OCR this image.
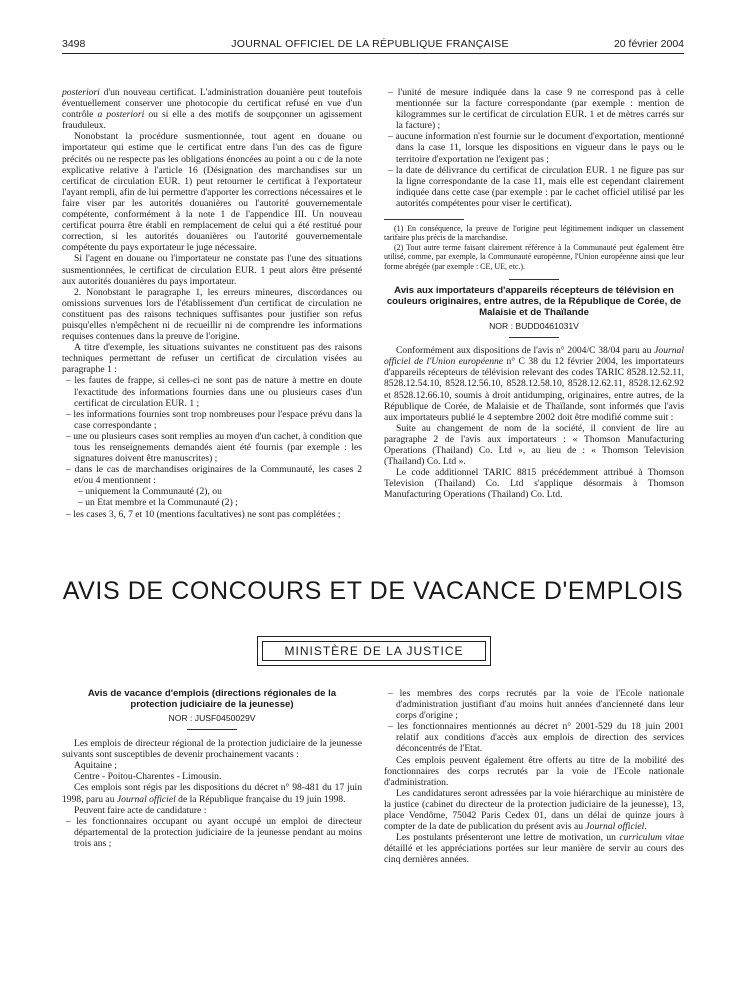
3498	JOURNAL OFFICIEL DE LA RÉPUBLIQUE FRANÇAISE	20 février 2004

posteriori d'un nouveau certificat. L'administration douanière peut toutefois éventuellement conserver une photocopie du certificat refusé en vue d'un contrôle a posteriori ou si elle a des motifs de soupçonner un agissement frauduleux.

Nonobstant la procédure susmentionnée, tout agent en douane ou importateur qui estime que le certificat entre dans l'un des cas de figure précités ou ne respecte pas les obligations énoncées au point a ou c de la note explicative relative à l'article 16 (Désignation des marchandises sur un certificat de circulation EUR. 1) peut retourner le certificat à l'exportateur l'ayant rempli, afin de lui permettre d'apporter les corrections nécessaires et le faire viser par les autorités douanières ou l'autorité gouvernementale compétente, conformément à la note 1 de l'appendice III. Un nouveau certificat pourra être établi en remplacement de celui qui a été restitué pour correction, si les autorités douanières ou l'autorité gouvernementale compétente du pays exportateur le juge nécessaire.

Si l'agent en douane ou l'importateur ne constate pas l'une des situations susmentionnées, le certificat de circulation EUR. 1 peut alors être présenté aux autorités douanières du pays importateur.

2. Nonobstant le paragraphe 1, les erreurs mineures, discordances ou omissions survenues lors de l'établissement d'un certificat de circulation ne constituent pas des raisons techniques suffisantes pour justifier son refus puisqu'elles n'empêchent ni de recueillir ni de comprendre les informations requises contenues dans la preuve de l'origine.

A titre d'exemple, les situations suivantes ne constituent pas des raisons techniques permettant de refuser un certificat de circulation visées au paragraphe 1 :

– les fautes de frappe, si celles-ci ne sont pas de nature à mettre en doute l'exactitude des informations fournies dans une ou plusieurs cases d'un certificat de circulation EUR. 1 ;

– les informations fournies sont trop nombreuses pour l'espace prévu dans la case correspondante ;

– une ou plusieurs cases sont remplies au moyen d'un cachet, à condition que tous les renseignements demandés aient été fournis (par exemple : les signatures doivent être manuscrites) ;

– dans le cas de marchandises originaires de la Communauté, les cases 2 et/ou 4 mentionnent :

– uniquement la Communauté (2), ou

– un Etat membre et la Communauté (2) ;

– les cases 3, 6, 7 et 10 (mentions facultatives) ne sont pas complétées ;

– l'unité de mesure indiquée dans la case 9 ne correspond pas à celle mentionnée sur la facture correspondante (par exemple : mention de kilogrammes sur le certificat de circulation EUR. 1 et de mètres carrés sur la facture) ;

– aucune information n'est fournie sur le document d'exportation, mentionné dans la case 11, lorsque les dispositions en vigueur dans le pays ou le territoire d'exportation ne l'exigent pas ;

– la date de délivrance du certificat de circulation EUR. 1 ne figure pas sur la ligne correspondante de la case 11, mais elle est cependant clairement indiquée dans cette case (par exemple : par le cachet officiel utilisé par les autorités compétentes pour viser le certificat).

(1) En conséquence, la preuve de l'origine peut légitimement indiquer un classement tarifaire plus précis de la marchandise.

(2) Tout autre terme faisant clairement référence à la Communauté peut également être utilisé, comme, par exemple, la Communauté européenne, l'Union européenne ainsi que leur forme abrégée (par exemple : CE, UE, etc.).

Avis aux importateurs d'appareils récepteurs de télévision en couleurs originaires, entre autres, de la République de Corée, de Malaisie et de Thaïlande

NOR : BUDD0461031V

Conformément aux dispositions de l'avis n° 2004/C 38/04 paru au Journal officiel de l'Union européenne n° C 38 du 12 février 2004, les importateurs d'appareils récepteurs de télévision relevant des codes TARIC 8528.12.52.11, 8528.12.54.10, 8528.12.56.10, 8528.12.58.10, 8528.12.62.11, 8528.12.62.92 et 8528.12.66.10, soumis à droit antidumping, originaires, entre autres, de la République de Corée, de Malaisie et de Thaïlande, sont informés que l'avis aux importateurs publié le 4 septembre 2002 doit être modifié comme suit :

Suite au changement de nom de la société, il convient de lire au paragraphe 2 de l'avis aux importateurs : « Thomson Manufacturing Operations (Thailand) Co. Ltd », au lieu de : « Thomson Television (Thailand) Co. Ltd ».

Le code additionnel TARIC 8815 précédemment attribué à Thomson Television (Thailand) Co. Ltd s'applique désormais à Thomson Manufacturing Operations (Thailand) Co. Ltd.

AVIS DE CONCOURS ET DE VACANCE D'EMPLOIS
MINISTÈRE DE LA JUSTICE

Avis de vacance d'emplois (directions régionales de la protection judiciaire de la jeunesse)

NOR : JUSF0450029V

Les emplois de directeur régional de la protection judiciaire de la jeunesse suivants sont susceptibles de devenir prochainement vacants :

Aquitaine ;

Centre - Poitou-Charentes - Limousin.

Ces emplois sont régis par les dispositions du décret n° 98-481 du 17 juin 1998, paru au Journal officiel de la République française du 19 juin 1998.

Peuvent faire acte de candidature :

– les fonctionnaires occupant ou ayant occupé un emploi de directeur départemental de la protection judiciaire de la jeunesse pendant au moins trois ans ;

– les membres des corps recrutés par la voie de l'Ecole nationale d'administration justifiant d'au moins huit années d'ancienneté dans leur corps d'origine ;

– les fonctionnaires mentionnés au décret n° 2001-529 du 18 juin 2001 relatif aux conditions d'accès aux emplois de direction des services déconcentrés de l'Etat.

Ces emplois peuvent également être offerts au titre de la mobilité des fonctionnaires des corps recrutés par la voie de l'Ecole nationale d'administration.

Les candidatures seront adressées par la voie hiérarchique au ministère de la justice (cabinet du directeur de la protection judiciaire de la jeunesse), 13, place Vendôme, 75042 Paris Cedex 01, dans un délai de quinze jours à compter de la date de publication du présent avis au Journal officiel.

Les postulants présenteront une lettre de motivation, un curriculum vitae détaillé et les appréciations portées sur leur manière de servir au cours des cinq dernières années.
